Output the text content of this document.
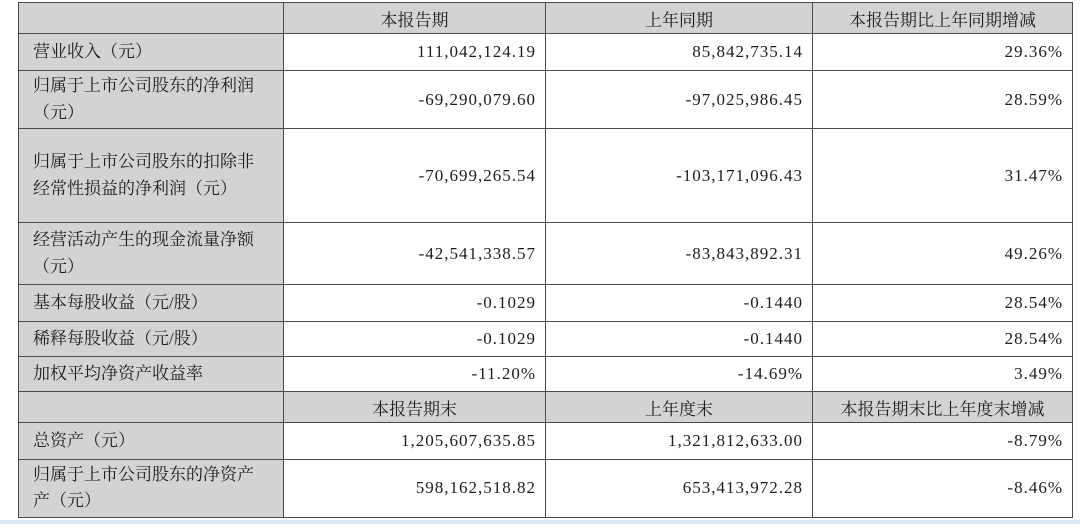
	本报告期	上年同期	本报告期比上年同期增减
营业收入（元）	111,042,124.19	85,842,735.14	29.36%
归属于上市公司股东的净利润（元）	-69,290,079.60	-97,025,986.45	28.59%
归属于上市公司股东的扣除非经常性损益的净利润（元）	-70,699,265.54	-103,171,096.43	31.47%
经营活动产生的现金流量净额（元）	-42,541,338.57	-83,843,892.31	49.26%
基本每股收益（元/股）	-0.1029	-0.1440	28.54%
稀释每股收益（元/股）	-0.1029	-0.1440	28.54%
加权平均净资产收益率	-11.20%	-14.69%	3.49%
	本报告期末	上年度末	本报告期末比上年度末增减
总资产（元）	1,205,607,635.85	1,321,812,633.00	-8.79%
归属于上市公司股东的净资产产（元）	598,162,518.82	653,413,972.28	-8.46%
